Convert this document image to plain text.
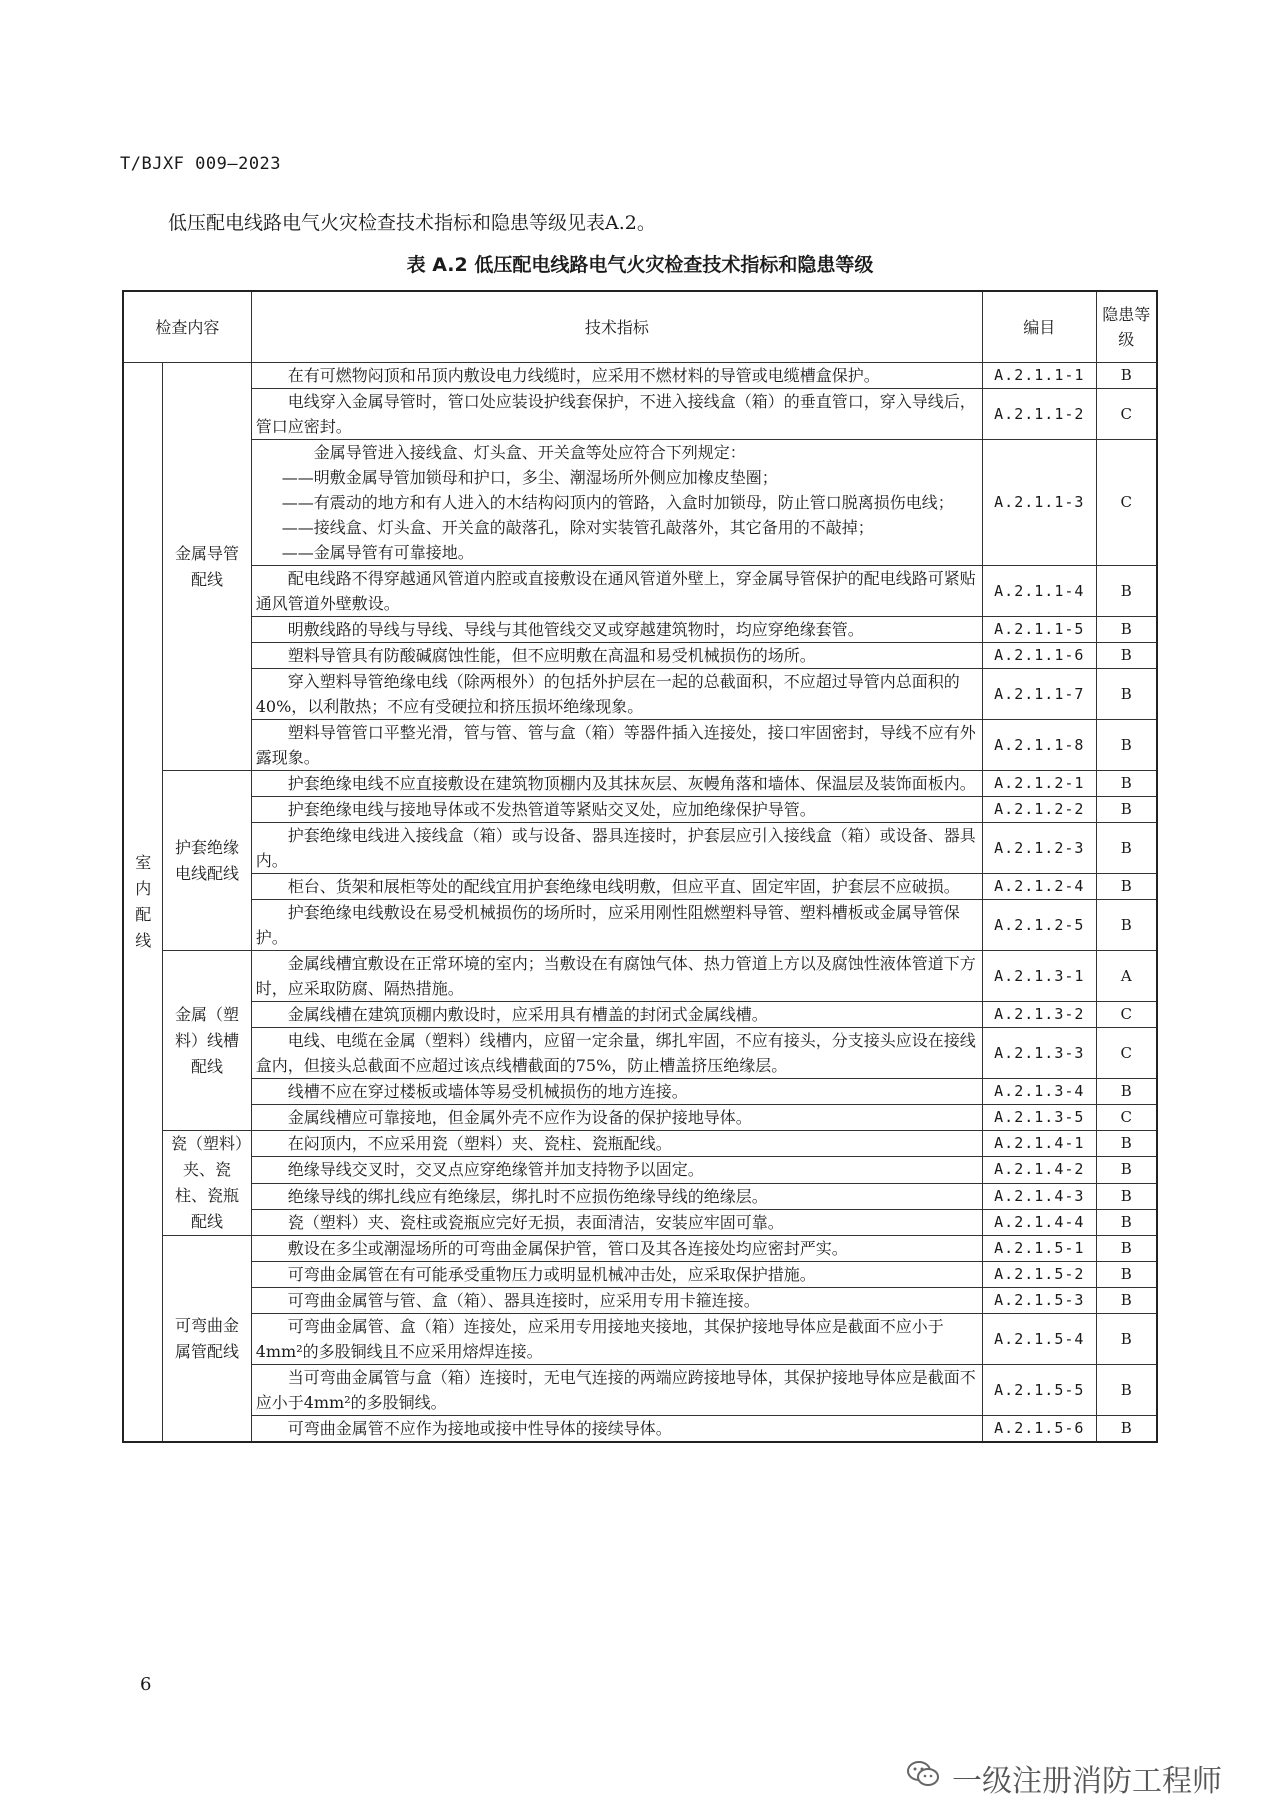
T/BJXF 009—2023
低压配电线路电气火灾检查技术指标和隐患等级见表A.2。
表 A.2 低压配电线路电气火灾检查技术指标和隐患等级
检查内容		技术指标	编目	隐患等级
室内配线	金属导管配线	在有可燃物闷顶和吊顶内敷设电力线缆时，应采用不燃材料的导管或电缆槽盒保护。	A.2.1.1-1	B
		电线穿入金属导管时，管口处应装设护线套保护，不进入接线盒（箱）的垂直管口，穿入导线后，管口应密封。	A.2.1.1-2	C

		金属导管进入接线盒、灯头盒、开关盒等处应符合下列规定：
——明敷金属导管加锁母和护口，多尘、潮湿场所外侧应加橡皮垫圈；
——有震动的地方和有人进入的木结构闷顶内的管路，入盒时加锁母，防止管口脱离损伤电线；
——接线盒、灯头盒、开关盒的敲落孔，除对实装管孔敲落外，其它备用的不敲掉；
——金属导管有可靠接地。	A.2.1.1-3	C
		配电线路不得穿越通风管道内腔或直接敷设在通风管道外壁上，穿金属导管保护的配电线路可紧贴通风管道外壁敷设。	A.2.1.1-4	B
		明敷线路的导线与导线、导线与其他管线交叉或穿越建筑物时，均应穿绝缘套管。	A.2.1.1-5	B
		塑料导管具有防酸碱腐蚀性能，但不应明敷在高温和易受机械损伤的场所。	A.2.1.1-6	B
		穿入塑料导管绝缘电线（除两根外）的包括外护层在一起的总截面积，不应超过导管内总面积的40%，以利散热；不应有受硬拉和挤压损坏绝缘现象。	A.2.1.1-7	B
		塑料导管管口平整光滑，管与管、管与盒（箱）等器件插入连接处，接口牢固密封，导线不应有外露现象。	A.2.1.1-8	B
	护套绝缘电线配线	护套绝缘电线不应直接敷设在建筑物顶棚内及其抹灰层、灰幔角落和墙体、保温层及装饰面板内。	A.2.1.2-1	B
		护套绝缘电线与接地导体或不发热管道等紧贴交叉处，应加绝缘保护导管。	A.2.1.2-2	B
		护套绝缘电线进入接线盒（箱）或与设备、器具连接时，护套层应引入接线盒（箱）或设备、器具内。	A.2.1.2-3	B
		柜台、货架和展柜等处的配线宜用护套绝缘电线明敷，但应平直、固定牢固，护套层不应破损。	A.2.1.2-4	B
		护套绝缘电线敷设在易受机械损伤的场所时，应采用刚性阻燃塑料导管、塑料槽板或金属导管保护。	A.2.1.2-5	B
	金属（塑料）线槽配线	金属线槽宜敷设在正常环境的室内；当敷设在有腐蚀气体、热力管道上方以及腐蚀性液体管道下方时，应采取防腐、隔热措施。	A.2.1.3-1	A
		金属线槽在建筑顶棚内敷设时，应采用具有槽盖的封闭式金属线槽。	A.2.1.3-2	C
		电线、电缆在金属（塑料）线槽内，应留一定余量，绑扎牢固，不应有接头，分支接头应设在接线盒内，但接头总截面不应超过该点线槽截面的75%，防止槽盖挤压绝缘层。	A.2.1.3-3	C
		线槽不应在穿过楼板或墙体等易受机械损伤的地方连接。	A.2.1.3-4	B
		金属线槽应可靠接地，但金属外壳不应作为设备的保护接地导体。	A.2.1.3-5	C
	瓷（塑料）夹、瓷柱、瓷瓶配线	在闷顶内，不应采用瓷（塑料）夹、瓷柱、瓷瓶配线。	A.2.1.4-1	B
		绝缘导线交叉时，交叉点应穿绝缘管并加支持物予以固定。	A.2.1.4-2	B
		绝缘导线的绑扎线应有绝缘层，绑扎时不应损伤绝缘导线的绝缘层。	A.2.1.4-3	B
		瓷（塑料）夹、瓷柱或瓷瓶应完好无损，表面清洁，安装应牢固可靠。	A.2.1.4-4	B
	可弯曲金属管配线	敷设在多尘或潮湿场所的可弯曲金属保护管，管口及其各连接处均应密封严实。	A.2.1.5-1	B
		可弯曲金属管在有可能承受重物压力或明显机械冲击处，应采取保护措施。	A.2.1.5-2	B
		可弯曲金属管与管、盒（箱）、器具连接时，应采用专用卡箍连接。	A.2.1.5-3	B
		可弯曲金属管、盒（箱）连接处，应采用专用接地夹接地，其保护接地导体应是截面不应小于4mm²的多股铜线且不应采用熔焊连接。	A.2.1.5-4	B
		当可弯曲金属管与盒（箱）连接时，无电气连接的两端应跨接地导体，其保护接地导体应是截面不应小于4mm²的多股铜线。	A.2.1.5-5	B
		可弯曲金属管不应作为接地或接中性导体的接续导体。	A.2.1.5-6	B
6
一级注册消防工程师
